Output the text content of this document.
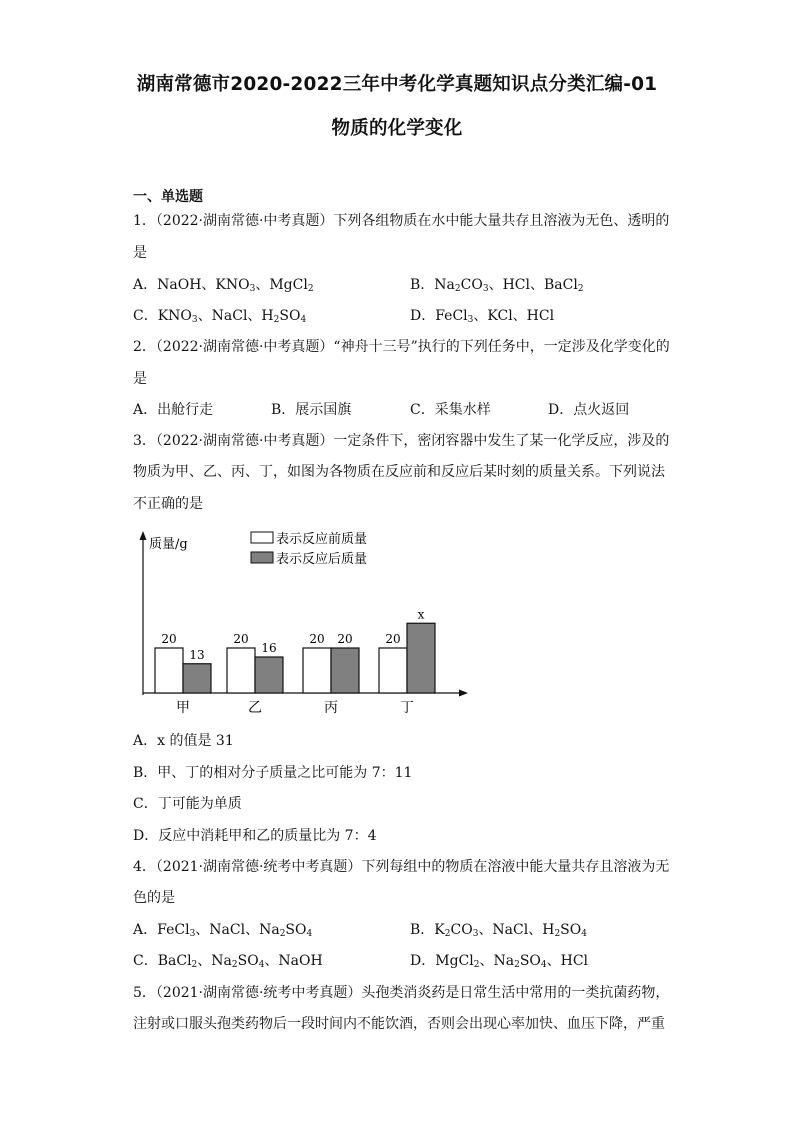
湖南常德市2020-2022三年中考化学真题知识点分类汇编-01
物质的化学变化
一、单选题
1．（2022·湖南常德·中考真题）下列各组物质在水中能大量共存且溶液为无色、透明的
是
A．NaOH、$KNO_3$、MgCl$_2$	B．$Na_2CO_3$、HCl、BaCl$_2$
C．$KNO_3$、NaCl、$H_2SO_4$	D．FeCl$_3$、KCl、HCl
2．（2022·湖南常德·中考真题）“神舟十三号”执行的下列任务中，一定涉及化学变化的
是
A．出舱行走	B．展示国旗	C．采集水样	D．点火返回
3．（2022·湖南常德·中考真题）一定条件下，密闭容器中发生了某一化学反应，涉及的
物质为甲、乙、丙、丁，如图为各物质在反应前和反应后某时刻的质量关系。下列说法
不正确的是
质量/g	表示反应前质量
表示反应后质量
20
13
20
16
20 20	20
x
甲	乙	丙	丁
A．x 的值是 31
B．甲、丁的相对分子质量之比可能为 7：11
C．丁可能为单质
D．反应中消耗甲和乙的质量比为 7：4
4．（2021·湖南常德·统考中考真题）下列每组中的物质在溶液中能大量共存且溶液为无
色的是
A．FeCl$_3$、NaCl、$Na_2SO_4$	B．$K_2CO_3$、NaCl、$H_2SO_4$
C．BaCl$_2$、$Na_2SO_4$、NaOH	D．MgCl$_2$、$Na_2SO_4$、HCl
5．（2021·湖南常德·统考中考真题）头孢类消炎药是日常生活中常用的一类抗菌药物，
注射或口服头孢类药物后一段时间内不能饮酒，否则会出现心率加快、血压下降，严重
